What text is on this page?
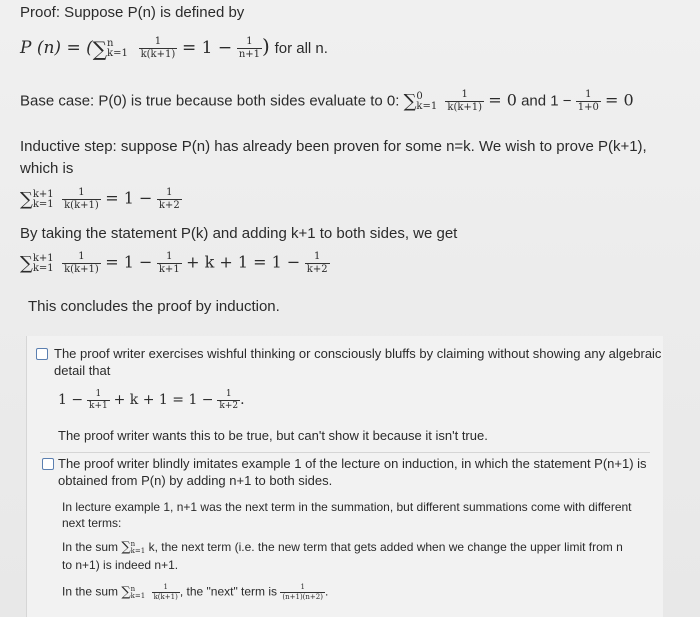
Proof: Suppose P(n) is defined by
P (n) = (∑ n
k=1
$\frac{1}{k(k+1)} = 1 - \frac{1}{n+1}$ ) for all n.
Base case: P(0) is true because both sides evaluate to 0: ∑ 0
k=1
$\frac{1}{k(k+1)} = 0$ and $1 - \frac{1}{1+0} = 0$
Inductive step: suppose P(n) has already been proven for some n=k. We wish to prove P(k+1),
which is
∑ k+1
k=1
$\frac{1}{k(k+1)} = 1 - \frac{1}{k+2}$
By taking the statement P(k) and adding k+1 to both sides, we get
∑ k+1
k=1
$\frac{1}{k(k+1)} = 1 - \frac{1}{k+1} + k + 1 = 1 - \frac{1}{k+2}$
This concludes the proof by induction.
The proof writer exercises wishful thinking or consciously bluffs by claiming without showing any algebraic
detail that
$1 - \frac{1}{k+1} + k + 1 = 1 - \frac{1}{k+2}$ .
The proof writer wants this to be true, but can't show it because it isn't true.
The proof writer blindly imitates example 1 of the lecture on induction, in which the statement P(n+1) is
obtained from P(n) by adding n+1 to both sides.
In lecture example 1, n+1 was the next term in the summation, but different summations come with different
next terms:
In the sum ∑ n
k=1 k, the next term (i.e. the new term that gets added when we change the upper limit from n
to n+1) is indeed n+1.
In the sum ∑ n
k=1
$\frac{1}{k(k+1)}$ , the "next" term is $\frac{1}{(n+1)(n+2)}$ .
